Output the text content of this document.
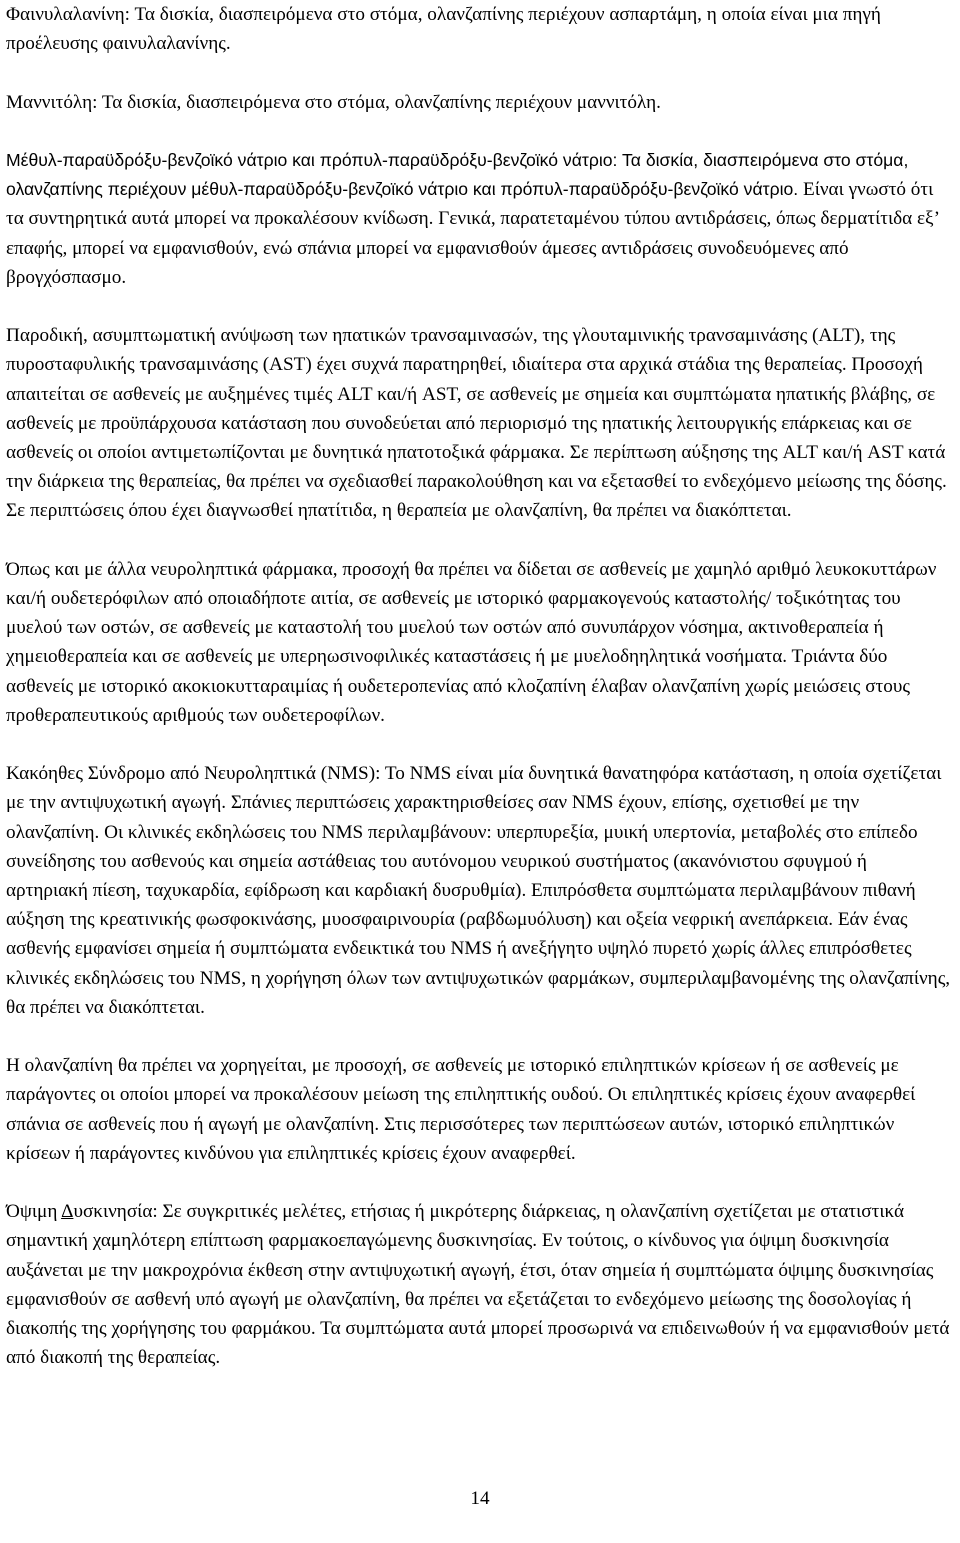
Φαινυλαλανίνη: Τα δισκία, διασπειρόμενα στο στόμα, ολανζαπίνης περιέχουν ασπαρτάμη, η οποία είναι μια πηγή προέλευσης φαινυλαλανίνης.

Μαννιτόλη: Τα δισκία, διασπειρόμενα στο στόμα, ολανζαπίνης περιέχουν μαννιτόλη.

Μέθυλ-παραϋδρόξυ-βενζοϊκό νάτριο και πρόπυλ-παραϋδρόξυ-βενζοϊκό νάτριο: Τα δισκία, διασπειρόμενα στο στόμα, ολανζαπίνης περιέχουν μέθυλ-παραϋδρόξυ-βενζοϊκό νάτριο και πρόπυλ-παραϋδρόξυ-βενζοϊκό νάτριο. Είναι γνωστό ότι τα συντηρητικά αυτά μπορεί να προκαλέσουν κνίδωση. Γενικά, παρατεταμένου τύπου αντιδράσεις, όπως δερματίτιδα εξ’ επαφής, μπορεί να εμφανισθούν, ενώ σπάνια μπορεί να εμφανισθούν άμεσες αντιδράσεις συνοδευόμενες από βρογχόσπασμο.

Παροδική, ασυμπτωματική ανύψωση των ηπατικών τρανσαμινασών, της γλουταμινικής τρανσαμινάσης (ALT), της πυροσταφυλικής τρανσαμινάσης (AST) έχει συχνά παρατηρηθεί, ιδιαίτερα στα αρχικά στάδια της θεραπείας. Προσοχή απαιτείται σε ασθενείς με αυξημένες τιμές ALT και/ή AST, σε ασθενείς με σημεία και συμπτώματα ηπατικής βλάβης, σε ασθενείς με προϋπάρχουσα κατάσταση που συνοδεύεται από περιορισμό της ηπατικής λειτουργικής επάρκειας και σε ασθενείς οι οποίοι αντιμετωπίζονται με δυνητικά ηπατοτοξικά φάρμακα. Σε περίπτωση αύξησης της ALT και/ή AST κατά την διάρκεια της θεραπείας, θα πρέπει να σχεδιασθεί παρακολούθηση και να εξετασθεί το ενδεχόμενο μείωσης της δόσης. Σε περιπτώσεις όπου έχει διαγνωσθεί ηπατίτιδα, η θεραπεία με ολανζαπίνη, θα πρέπει να διακόπτεται.

Όπως και με άλλα νευροληπτικά φάρμακα, προσοχή θα πρέπει να δίδεται σε ασθενείς με χαμηλό αριθμό λευκοκυττάρων και/ή ουδετερόφιλων από οποιαδήποτε αιτία, σε ασθενείς με ιστορικό φαρμακογενούς καταστολής/ τοξικότητας του μυελού των οστών, σε ασθενείς με καταστολή του μυελού των οστών από συνυπάρχον νόσημα, ακτινοθεραπεία ή χημειοθεραπεία και σε ασθενείς με υπερηωσινοφιλικές καταστάσεις ή με μυελοδηηλητικά νοσήματα. Τριάντα δύο ασθενείς με ιστορικό ακοκιοκυτταραιμίας ή ουδετεροπενίας από κλοζαπίνη έλαβαν ολανζαπίνη χωρίς μειώσεις στους προθεραπευτικούς αριθμούς των ουδετεροφίλων.

Κακόηθες Σύνδρομο από Νευροληπτικά (NMS): Το NMS είναι μία δυνητικά θανατηφόρα κατάσταση, η οποία σχετίζεται με την αντιψυχωτική αγωγή. Σπάνιες περιπτώσεις χαρακτηρισθείσες σαν NMS έχουν, επίσης, σχετισθεί με την ολανζαπίνη. Οι κλινικές εκδηλώσεις του NMS περιλαμβάνουν: υπερπυρεξία, μυική υπερτονία, μεταβολές στο επίπεδο συνείδησης του ασθενούς και σημεία αστάθειας του αυτόνομου νευρικού συστήματος (ακανόνιστου σφυγμού ή αρτηριακή πίεση, ταχυκαρδία, εφίδρωση και καρδιακή δυσρυθμία). Επιπρόσθετα συμπτώματα περιλαμβάνουν πιθανή αύξηση της κρεατινικής φωσφοκινάσης, μυοσφαιρινουρία (ραβδωμυόλυση) και οξεία νεφρική ανεπάρκεια. Εάν ένας ασθενής εμφανίσει σημεία ή συμπτώματα ενδεικτικά του NMS ή ανεξήγητο υψηλό πυρετό χωρίς άλλες επιπρόσθετες κλινικές εκδηλώσεις του NMS, η χορήγηση όλων των αντιψυχωτικών φαρμάκων, συμπεριλαμβανομένης της ολανζαπίνης, θα πρέπει να διακόπτεται.

Η ολανζαπίνη θα πρέπει να χορηγείται, με προσοχή, σε ασθενείς με ιστορικό επιληπτικών κρίσεων ή σε ασθενείς με παράγοντες οι οποίοι μπορεί να προκαλέσουν μείωση της επιληπτικής ουδού. Οι επιληπτικές κρίσεις έχουν αναφερθεί σπάνια σε ασθενείς που ή αγωγή με ολανζαπίνη. Στις περισσότερες των περιπτώσεων αυτών, ιστορικό επιληπτικών κρίσεων ή παράγοντες κινδύνου για επιληπτικές κρίσεις έχουν αναφερθεί.

Όψιμη Δυσκινησία: Σε συγκριτικές μελέτες, ετήσιας ή μικρότερης διάρκειας, η ολανζαπίνη σχετίζεται με στατιστικά σημαντική χαμηλότερη επίπτωση φαρμακοεπαγώμενης δυσκινησίας. Εν τούτοις, ο κίνδυνος για όψιμη δυσκινησία αυξάνεται με την μακροχρόνια έκθεση στην αντιψυχωτική αγωγή, έτσι, όταν σημεία ή συμπτώματα όψιμης δυσκινησίας εμφανισθούν σε ασθενή υπό αγωγή με ολανζαπίνη, θα πρέπει να εξετάζεται το ενδεχόμενο μείωσης της δοσολογίας ή διακοπής της χορήγησης του φαρμάκου. Τα συμπτώματα αυτά μπορεί προσωρινά να επιδεινωθούν ή να εμφανισθούν μετά από διακοπή της θεραπείας.

14
